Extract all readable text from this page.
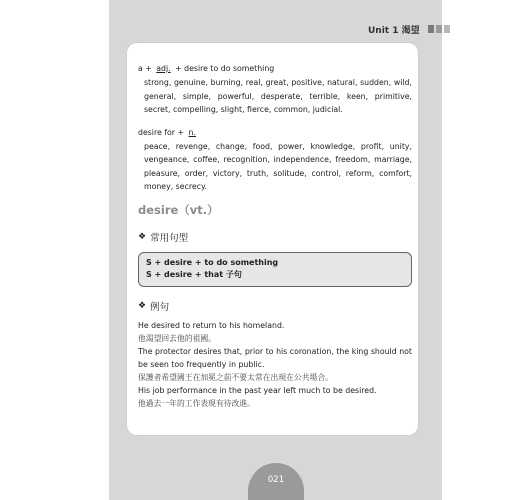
Unit 1 渴望
a + adj. + desire to do something
strong, genuine, burning, real, great, positive, natural, sudden, wild, general, simple, powerful, desperate, terrible, keen, primitive, secret, compelling, slight, fierce, common, judicial.
desire for + n.
peace, revenge, change, food, power, knowledge, profit, unity, vengeance, coffee, recognition, independence, freedom, marriage, pleasure, order, victory, truth, solitude, control, reform, comfort, money, secrecy.
desire（vt.）
❖ 常用句型
S + desire + to do something
S + desire + that 子句
❖ 例句
He desired to return to his homeland.
他渴望回去他的祖國。
The protector desires that, prior to his coronation, the king should not be seen too frequently in public.
保護者希望國王在加冕之前不要太常在出現在公共場合。
His job performance in the past year left much to be desired.
他過去一年的工作表現有待改進。
021
